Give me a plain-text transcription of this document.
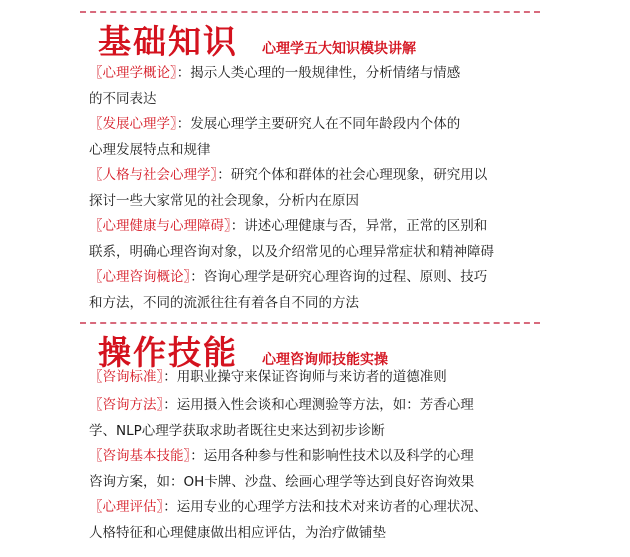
基础知识 心理学五大知识模块讲解
〖心理学概论〗：揭示人类心理的一般规律性，分析情绪与情感
的不同表达
〖发展心理学〗：发展心理学主要研究人在不同年龄段内个体的
心理发展特点和规律
〖人格与社会心理学〗：研究个体和群体的社会心理现象，研究用以
探讨一些大家常见的社会现象，分析内在原因
〖心理健康与心理障碍〗：讲述心理健康与否，异常，正常的区别和
联系，明确心理咨询对象，以及介绍常见的心理异常症状和精神障碍
〖心理咨询概论〗：咨询心理学是研究心理咨询的过程、原则、技巧
和方法，不同的流派往往有着各自不同的方法
操作技能 心理咨询师技能实操
〖咨询标准〗：用职业操守来保证咨询师与来访者的道德准则
〖咨询方法〗：运用摄入性会谈和心理测验等方法，如：芳香心理
学、NLP心理学获取求助者既往史来达到初步诊断
〖咨询基本技能〗：运用各种参与性和影响性技术以及科学的心理
咨询方案，如：OH卡牌、沙盘、绘画心理学等达到良好咨询效果
〖心理评估〗：运用专业的心理学方法和技术对来访者的心理状况、
人格特征和心理健康做出相应评估，为治疗做铺垫
